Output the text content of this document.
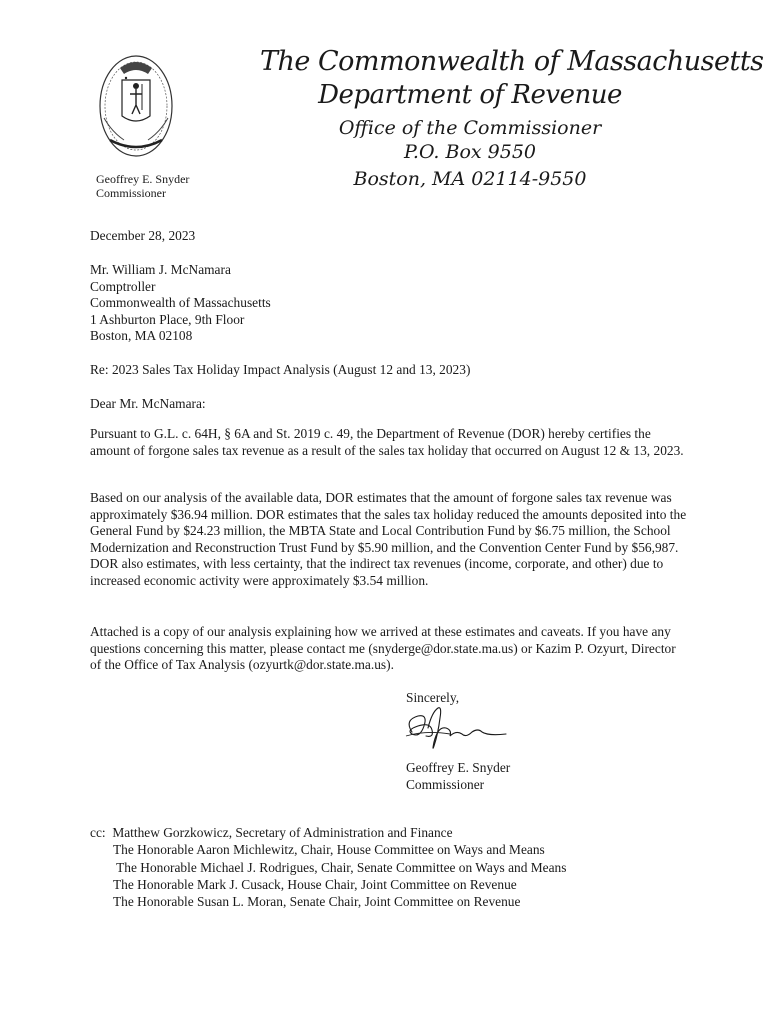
The Commonwealth of Massachusetts
Department of Revenue
Office of the Commissioner
P.O. Box 9550
Boston, MA 02114-9550
Geoffrey E. Snyder
Commissioner
December 28, 2023
Mr. William J. McNamara
Comptroller
Commonwealth of Massachusetts
1 Ashburton Place, 9th Floor
Boston, MA 02108
Re: 2023 Sales Tax Holiday Impact Analysis (August 12 and 13, 2023)
Dear Mr. McNamara:

Pursuant to G.L. c. 64H, § 6A and St. 2019 c. 49, the Department of Revenue (DOR) hereby certifies the amount of forgone sales tax revenue as a result of the sales tax holiday that occurred on August 12 & 13, 2023.

Based on our analysis of the available data, DOR estimates that the amount of forgone sales tax revenue was approximately $36.94 million. DOR estimates that the sales tax holiday reduced the amounts deposited into the General Fund by $24.23 million, the MBTA State and Local Contribution Fund by $6.75 million, the School Modernization and Reconstruction Trust Fund by $5.90 million, and the Convention Center Fund by $56,987. DOR also estimates, with less certainty, that the indirect tax revenues (income, corporate, and other) due to increased economic activity were approximately $3.54 million.

Attached is a copy of our analysis explaining how we arrived at these estimates and caveats. If you have any questions concerning this matter, please contact me (snyderge@dor.state.ma.us) or Kazim P. Ozyurt, Director of the Office of Tax Analysis (ozyurtk@dor.state.ma.us).

Sincerely,
Geoffrey E. Snyder
Commissioner
cc: Matthew Gorzkowicz, Secretary of Administration and Finance
The Honorable Aaron Michlewitz, Chair, House Committee on Ways and Means
The Honorable Michael J. Rodrigues, Chair, Senate Committee on Ways and Means
The Honorable Mark J. Cusack, House Chair, Joint Committee on Revenue
The Honorable Susan L. Moran, Senate Chair, Joint Committee on Revenue
